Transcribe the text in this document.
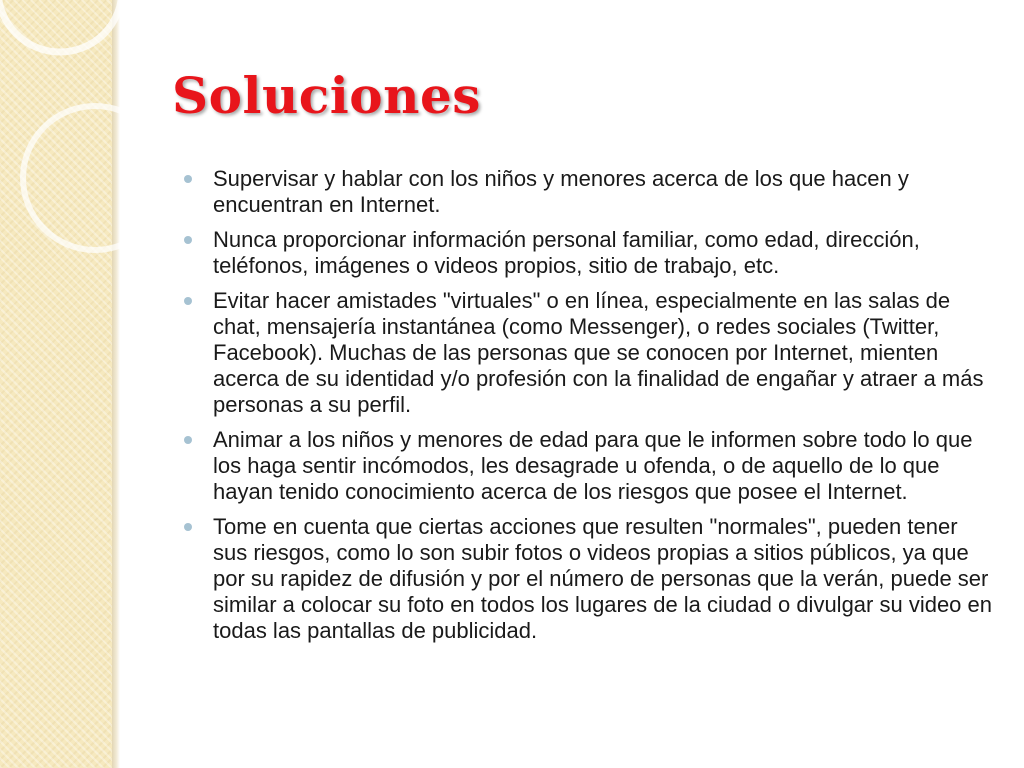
Soluciones
Supervisar y hablar con los niños y menores acerca de los que hacen y encuentran en Internet.
Nunca proporcionar información personal familiar, como edad, dirección, teléfonos, imágenes o videos propios, sitio de trabajo, etc.
Evitar hacer amistades "virtuales" o en línea, especialmente en las salas de chat, mensajería instantánea (como Messenger), o redes sociales (Twitter, Facebook). Muchas de las personas que se conocen por Internet, mienten acerca de su identidad y/o profesión con la finalidad de engañar y atraer a más personas a su perfil.
Animar a los niños y menores de edad para que le informen sobre todo lo que los haga sentir incómodos, les desagrade u ofenda, o de aquello de lo que hayan tenido conocimiento acerca de los riesgos que posee el Internet.
Tome en cuenta que ciertas acciones que resulten "normales", pueden tener sus riesgos, como lo son subir fotos o videos propias a sitios públicos, ya que por su rapidez de difusión y por el número de personas que la verán, puede ser similar a colocar su foto en todos los lugares de la ciudad o divulgar su video en todas las pantallas de publicidad.
